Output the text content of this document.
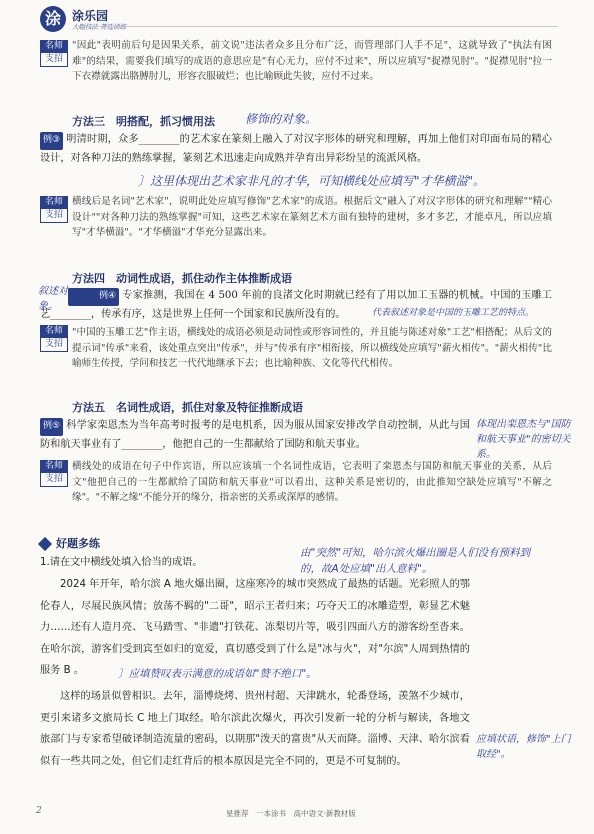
涂 涂乐园
大题技法 菁选训练
名师
支招
"因此"表明前后句是因果关系，前文说"违法者众多且分布广泛，而管理部门人手不足"，这就导致了"执法有困难"的结果，需要我们填写的成语的意思应是"有心无力，应付不过来"，所以应填写"捉襟见肘"。"捉襟见肘"拉一下衣襟就露出胳膊肘儿，形容衣服破烂；也比喻顾此失彼，应付不过来。
方法三　明搭配，抓习惯用法	修饰的对象。
例③ 明清时期，众多________的艺术家在篆刻上融入了对汉字形体的研究和理解，再加上他们对印面布局的精心设计，对各种刀法的熟练掌握，篆刻艺术迅速走向成熟并孕育出异彩纷呈的流派风格。
〕这里体现出艺术家非凡的才华，可知横线处应填写"才华横溢"。
名师
支招
横线后是名词"艺术家"，说明此处应填写修饰"艺术家"的成语。根据后文"融入了对汉字形体的研究和理解""精心设计""对各种刀法的熟练掌握"可知，这些艺术家在篆刻艺术方面有独特的建树，多才多艺，才能卓凡，所以应填写"才华横溢"。"才华横溢"才华充分显露出来。
方法四　动词性成语，抓住动作主体推断成语
叙述对象。
例④ 专家推测，我国在 4 500 年前的良渚文化时期就已经有了用以加工玉器的机械。中国的玉雕工艺________，传承有序，这是世界上任何一个国家和民族所没有的。	代表叙述对象是中国的玉雕工艺的特点。
名师
支招
"中国的玉雕工艺"作主语，横线处的成语必须是动词性或形容词性的，并且能与陈述对象"工艺"相搭配；从后文的提示词"传承"来看，该处重点突出"传承"，并与"传承有序"相衔接，所以横线处应填写"薪火相传"。"薪火相传"比喻师生传授，学问和技艺一代代地继承下去；也比喻种族、文化等代代相传。
方法五　名词性成语，抓住对象及特征推断成语
例⑤ 科学家栾恩杰为当年高考时报考的是电机系，因为服从国家安排改学自动控制，从此与国防和航天事业有了________，他把自己的一生都献给了国防和航天事业。
体现出栾恩杰与"国防和航天事业"的密切关系。
名师
支招
横线处的成语在句子中作宾语，所以应该填一个名词性成语，它表明了栾恩杰与国防和航天事业的关系，从后文"他把自己的一生都献给了国防和航天事业"可以看出，这种关系是密切的，由此推知空缺处应填写"不解之缘"。"不解之缘"不能分开的缘分，指亲密的关系或深厚的感情。
好题多练
由"突然"可知，哈尔滨火爆出圈是人们没有预料到的，故A处应填"出人意料"。
1.请在文中横线处填入恰当的成语。
2024 年开年，哈尔滨 A 地火爆出圈，这座寒冷的城市突然成了最热的话题。光彩照人的鄂伦春人，尽展民族风情；放荡不羁的"二哥"，昭示王者归来；巧夺天工的冰雕造型，彰显艺术魅力……还有人造月亮、飞马踏雪、"非遗"打铁花、冻梨切片等，吸引四面八方的游客纷至沓来。在哈尔滨，游客们受到宾至如归的宽爱，真切感受到了什么是"冰与火"，对"尔滨"人周到热情的服务 B 。	〕应填赞叹表示满意的成语如"赞不绝口"。
这样的场景似曾相识。去年，淄博烧烤、贵州村超、天津跳水，轮番登场，羡煞不少城市，更引来诸多文旅局长 C 地上门取经。哈尔滨此次爆火，再次引发新一轮的分析与解读，各地文旅部门与专家希望破译制造流量的密码，以期那"泼天的富贵"从天而降。淄博、天津、哈尔滨看似有一些共同之处，但它们走红背后的根本原因是完全不同的，更是不可复制的。
应填状语，修饰"上门取经"。
2	星推荐　一本涂书　高中语文·新教材版
